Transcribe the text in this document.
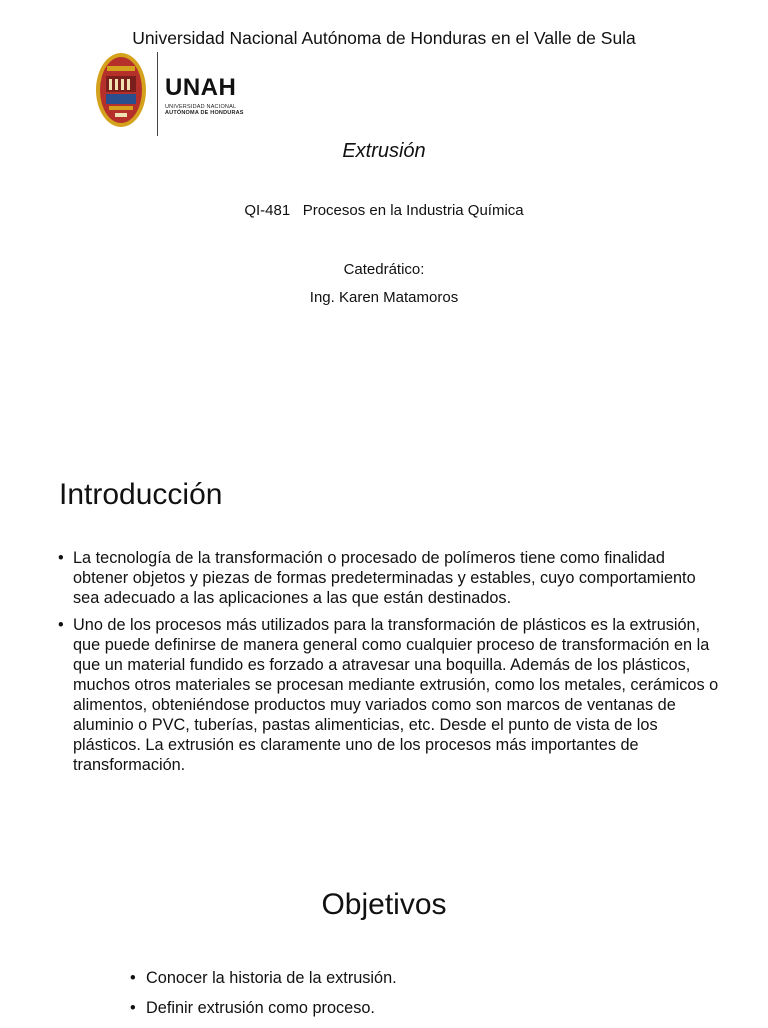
Universidad Nacional Autónoma de Honduras en el Valle de Sula
UNAH
UNIVERSIDAD NACIONAL
AUTÓNOMA DE HONDURAS
Extrusión
QI-481   Procesos en la Industria Química
Catedrático:
Ing. Karen Matamoros
Introducción
• La tecnología de la transformación o procesado de polímeros tiene como finalidad obtener objetos y piezas de formas predeterminadas y estables, cuyo comportamiento sea adecuado a las aplicaciones a las que están destinados.
• Uno de los procesos más utilizados para la transformación de plásticos es la extrusión, que puede definirse de manera general como cualquier proceso de transformación en la que un material fundido es forzado a atravesar una boquilla. Además de los plásticos, muchos otros materiales se procesan mediante extrusión, como los metales, cerámicos o alimentos, obteniéndose productos muy variados como son marcos de ventanas de aluminio o PVC, tuberías, pastas alimenticias, etc. Desde el punto de vista de los plásticos. La extrusión es claramente uno de los procesos más importantes de transformación.
Objetivos
• Conocer la historia de la extrusión.
• Definir extrusión como proceso.
